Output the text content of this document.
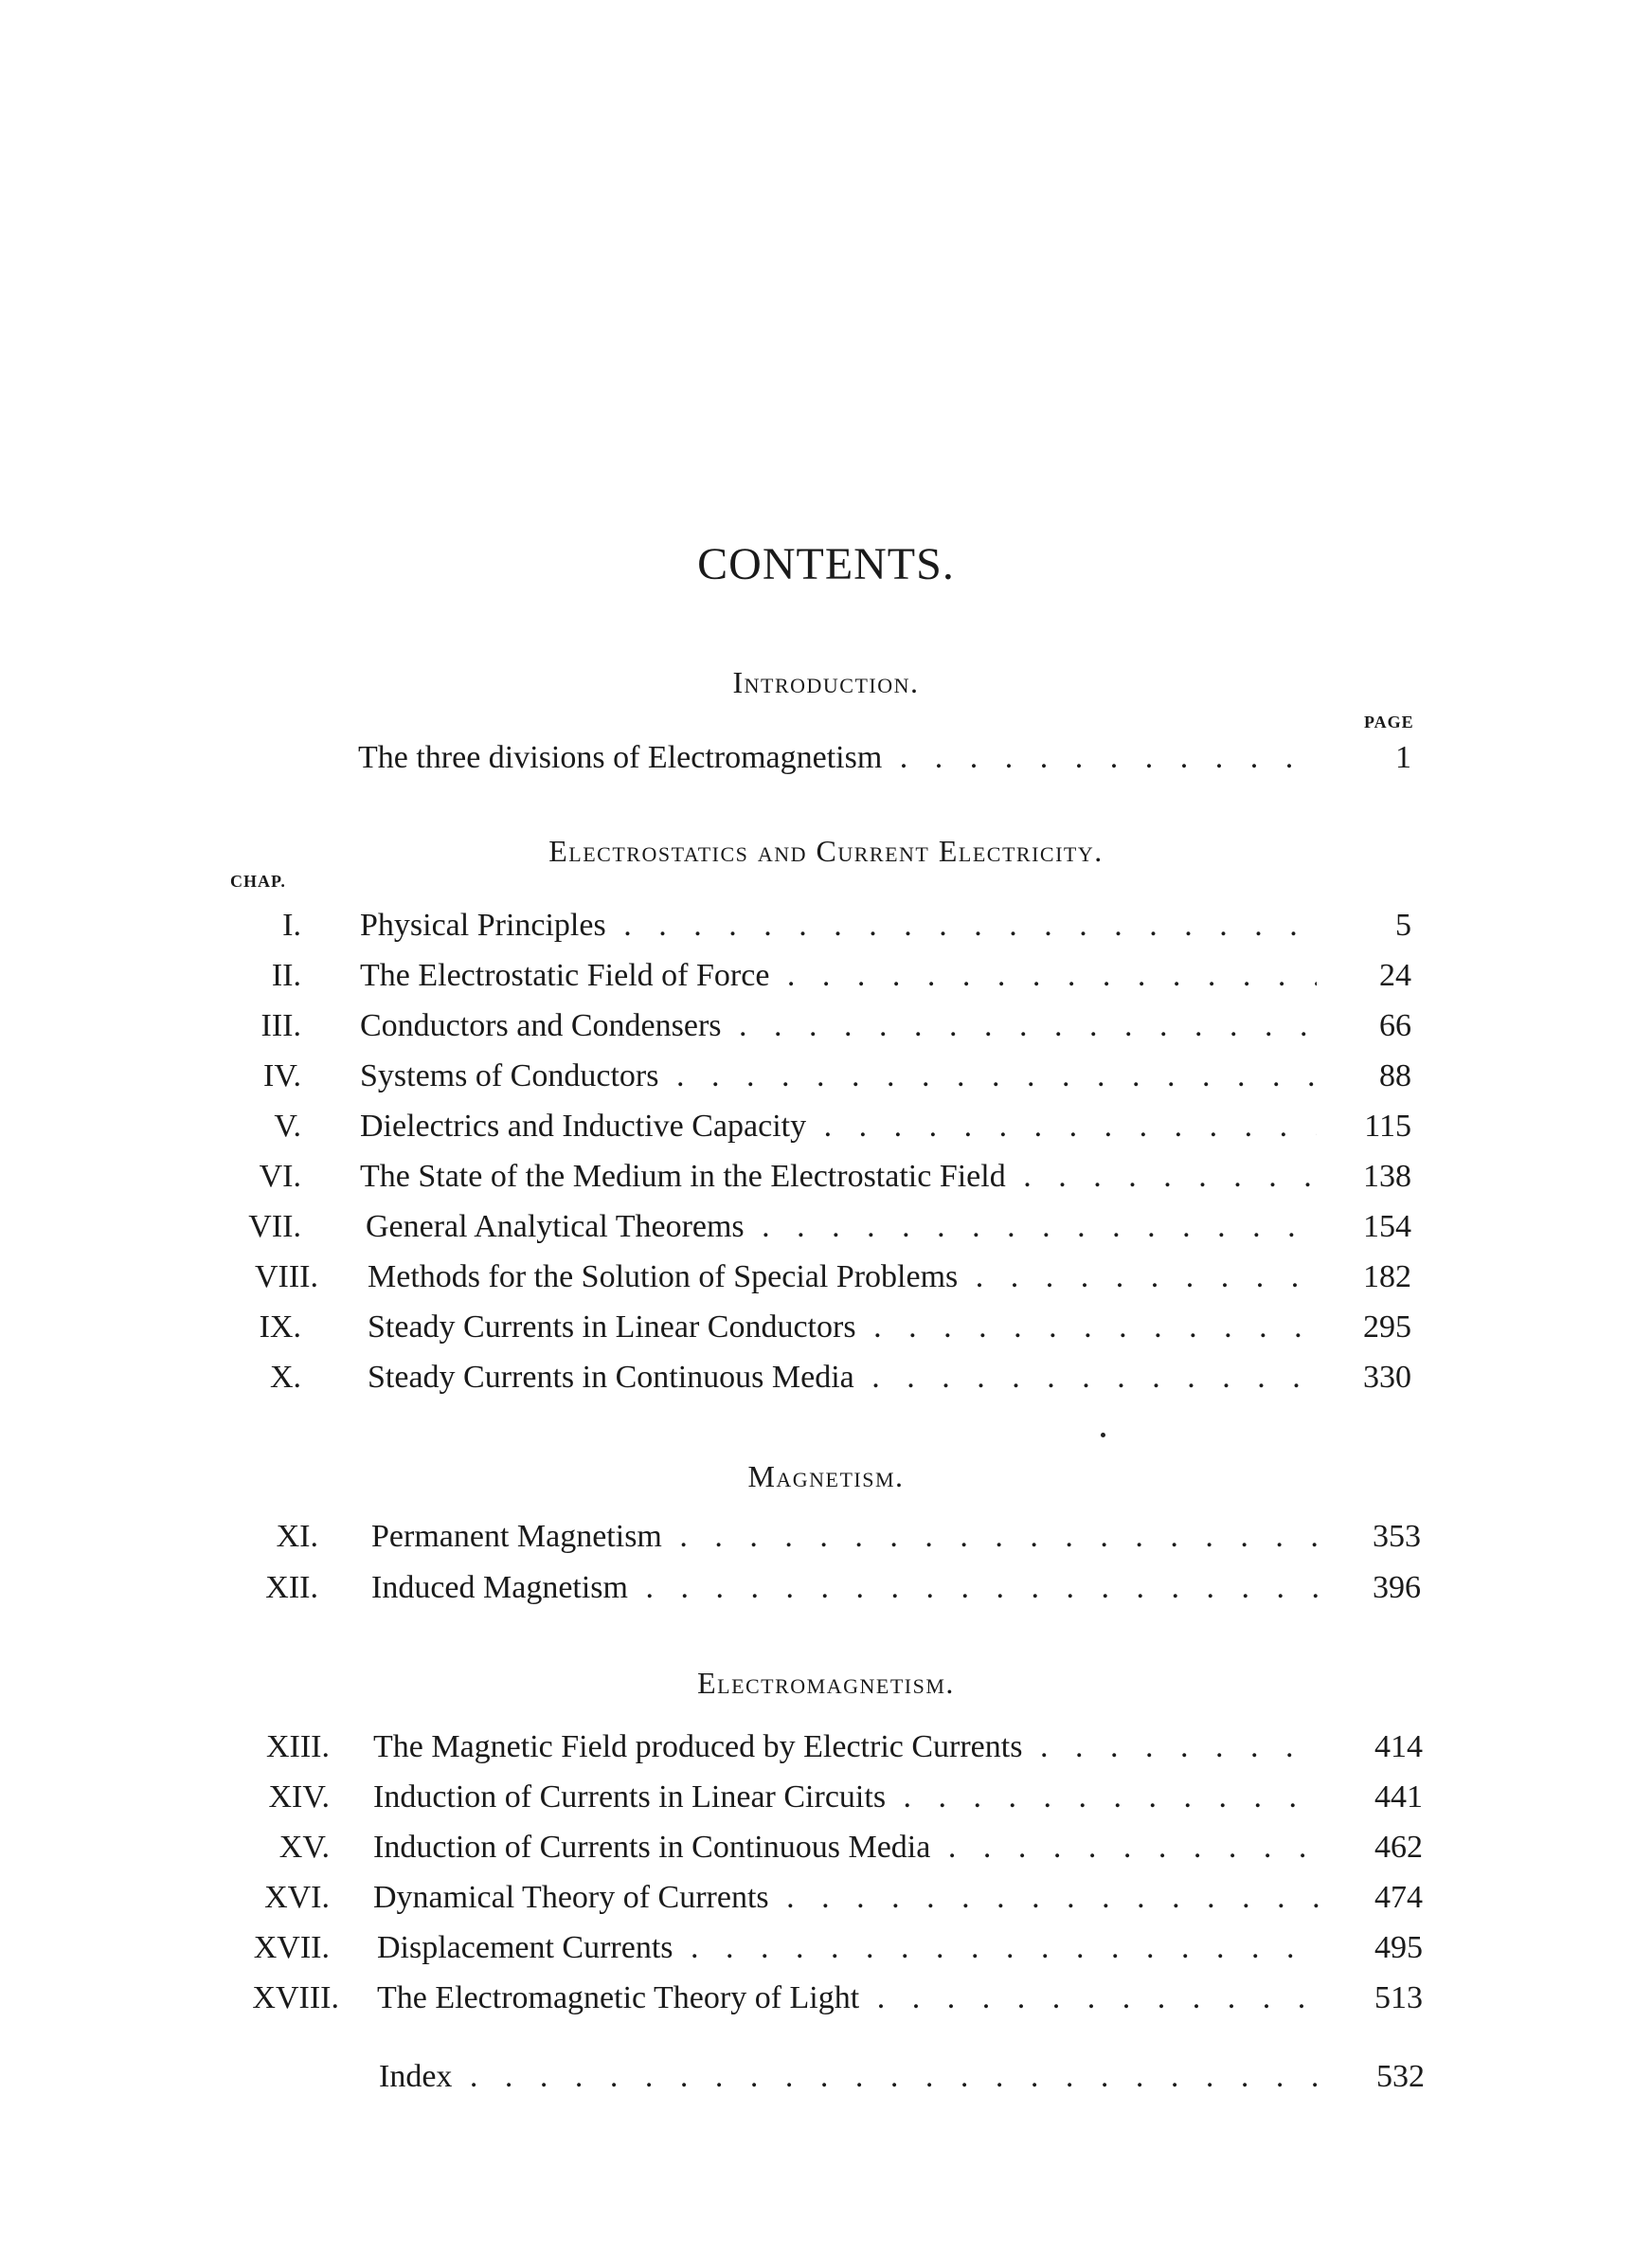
CONTENTS.
Introduction.
PAGE
The three divisions of Electromagnetism . .	1
Electrostatics and Current Electricity.
CHAP.
I. Physical Principles . .	5
II. The Electrostatic Field of Force . .	24
III. Conductors and Condensers . .	66
IV. Systems of Conductors . .	88
V. Dielectrics and Inductive Capacity . .	115
VI. The State of the Medium in the Electrostatic Field . .	138
VII. General Analytical Theorems . .	154
VIII. Methods for the Solution of Special Problems . .	182
IX. Steady Currents in Linear Conductors . .	295
X. Steady Currents in Continuous Media . .	330
Magnetism.
XI. Permanent Magnetism . .	353
XII. Induced Magnetism . .	396
Electromagnetism.
XIII. The Magnetic Field produced by Electric Currents . .	414
XIV. Induction of Currents in Linear Circuits . .	441
XV. Induction of Currents in Continuous Media . .	462
XVI. Dynamical Theory of Currents . .	474
XVII. Displacement Currents . .	495
XVIII. The Electromagnetic Theory of Light . .	513
Index . .	532
